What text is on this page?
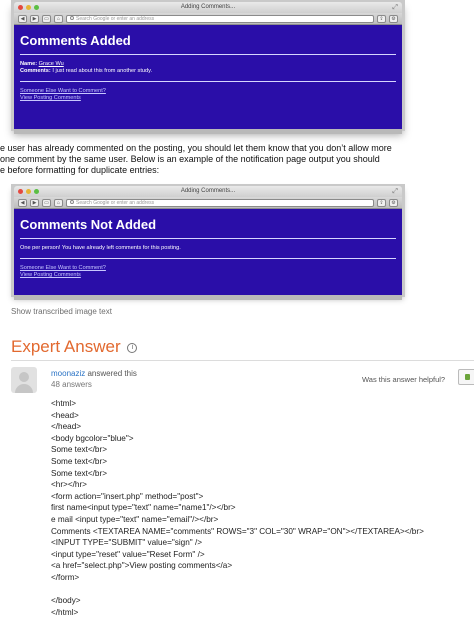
Adding Comments...	⤢
◀	▶	▭	⌂	Search Google or enter an address	⇪	⚙
Comments Added

Name: Grace Wu

Comments: I just read about this from another study.

Someone Else Want to Comment?
View Posting Comments
e user has already commented on the posting, you should let them know that you don’t allow more
one comment by the same user. Below is an example of the notification page output you should
e before formatting for duplicate entries:
Adding Comments...	⤢
◀	▶	▭	⌂	Search Google or enter an address	⇪	⚙
Comments Not Added

One per person! You have already left comments for this posting.

Someone Else Want to Comment?
View Posting Comments
Show transcribed image text
Expert Answer i
moonaziz answered this
48 answers
Was this answer helpful?
<html>
<head>
</head>
<body bgcolor="blue">
Some text</br>
Some text</br>
Some text</br>
<hr></hr>
<form action="insert.php" method="post">
first name<input type="text" name="name1"/></br>
e mail <input type="text" name="email"/></br>
Comments <TEXTAREA NAME="comments" ROWS="3" COL="30" WRAP="ON"></TEXTAREA></br>
<INPUT TYPE="SUBMIT" value="sign" />
<input type="reset" value="Reset Form" />
<a href="select.php">View posting comments</a>
</form>

</body>
</html>
